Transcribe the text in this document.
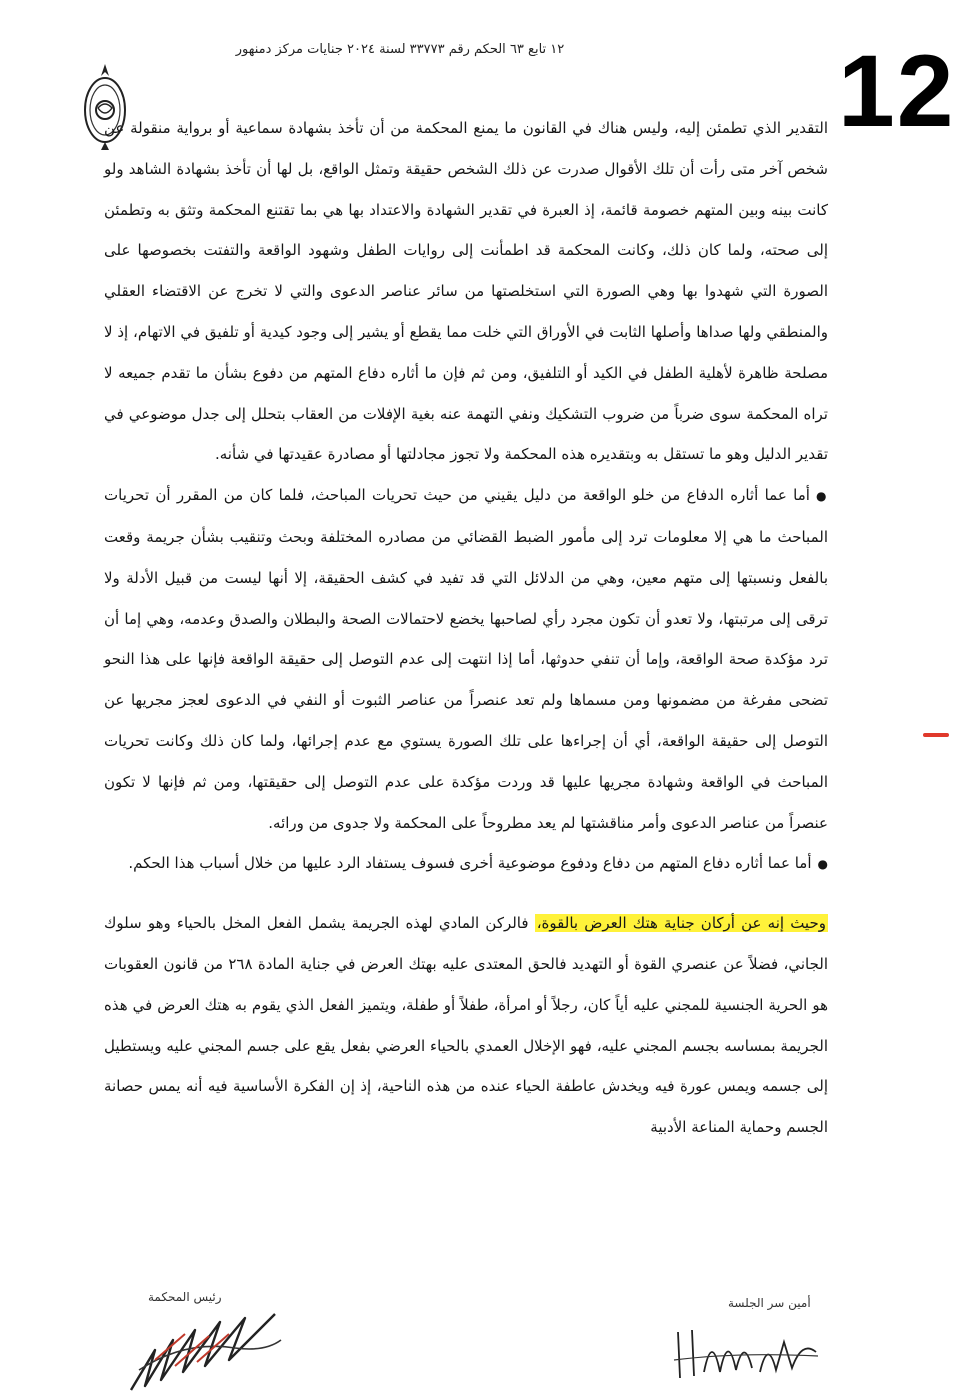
12
١٢ تابع ٦٣ الحكم رقم ٣٣٧٧٣ لسنة ٢٠٢٤ جنايات مركز دمنهور

التقدير الذي تطمئن إليه، وليس هناك في القانون ما يمنع المحكمة من أن تأخذ بشهادة سماعية أو برواية منقولة عن شخص آخر متى رأت أن تلك الأقوال صدرت عن ذلك الشخص حقيقة وتمثل الواقع، بل لها أن تأخذ بشهادة الشاهد ولو كانت بينه وبين المتهم خصومة قائمة، إذ العبرة في تقدير الشهادة والاعتداد بها هي بما تقتنع المحكمة وتثق به وتطمئن إلى صحته، ولما كان ذلك، وكانت المحكمة قد اطمأنت إلى روايات الطفل وشهود الواقعة والتفتت بخصوصها على الصورة التي شهدوا بها وهي الصورة التي استخلصتها من سائر عناصر الدعوى والتي لا تخرج عن الاقتضاء العقلي والمنطقي ولها صداها وأصلها الثابت في الأوراق التي خلت مما يقطع أو يشير إلى وجود كيدية أو تلفيق في الاتهام، إذ لا مصلحة ظاهرة لأهلية الطفل في الكيد أو التلفيق، ومن ثم فإن ما أثاره دفاع المتهم من دفوع بشأن ما تقدم جميعه لا تراه المحكمة سوى ضرباً من ضروب التشكيك ونفي التهمة عنه بغية الإفلات من العقاب بتحلل إلى جدل موضوعي في تقدير الدليل وهو ما تستقل به وبتقديره هذه المحكمة ولا تجوز مجادلتها أو مصادرة عقيدتها في شأنه.

●أما عما أثاره الدفاع من خلو الواقعة من دليل يقيني من حيث تحريات المباحث، فلما كان من المقرر أن تحريات المباحث ما هي إلا معلومات ترد إلى مأمور الضبط القضائي من مصادره المختلفة وبحث وتنقيب بشأن جريمة وقعت بالفعل ونسبتها إلى متهم معين، وهي من الدلائل التي قد تفيد في كشف الحقيقة، إلا أنها ليست من قبيل الأدلة ولا ترقى إلى مرتبتها، ولا تعدو أن تكون مجرد رأي لصاحبها يخضع لاحتمالات الصحة والبطلان والصدق وعدمه، وهي إما أن ترد مؤكدة صحة الواقعة، وإما أن تنفي حدوثها، أما إذا انتهت إلى عدم التوصل إلى حقيقة الواقعة فإنها على هذا النحو تضحى مفرغة من مضمونها ومن مسماها ولم تعد عنصراً من عناصر الثبوت أو النفي في الدعوى لعجز مجريها عن التوصل إلى حقيقة الواقعة، أي أن إجراءها على تلك الصورة يستوي مع عدم إجرائها، ولما كان ذلك وكانت تحريات المباحث في الواقعة وشهادة مجريها عليها قد وردت مؤكدة على عدم التوصل إلى حقيقتها، ومن ثم فإنها لا تكون عنصراً من عناصر الدعوى وأمر مناقشتها لم يعد مطروحاً على المحكمة ولا جدوى من ورائه.

●أما عما أثاره دفاع المتهم من دفاع ودفوع موضوعية أخرى فسوف يستفاد الرد عليها من خلال أسباب هذا الحكم.

وحيث إنه عن أركان جناية هتك العرض بالقوة، فالركن المادي لهذه الجريمة يشمل الفعل المخل بالحياء وهو سلوك الجاني، فضلاً عن عنصري القوة أو التهديد فالحق المعتدى عليه بهتك العرض في جناية المادة ٢٦٨ من قانون العقوبات هو الحرية الجنسية للمجني عليه أياً كان، رجلاً أو امرأة، طفلاً أو طفلة، ويتميز الفعل الذي يقوم به هتك العرض في هذه الجريمة بمساسه بجسم المجني عليه، فهو الإخلال العمدي بالحياء العرضي بفعل يقع على جسم المجني عليه ويستطيل إلى جسمه ويمس عورة فيه ويخدش عاطفة الحياء عنده من هذه الناحية، إذ إن الفكرة الأساسية فيه أنه يمس حصانة الجسم وحماية المناعة الأدبية

رئيس المحكمة	أمين سر الجلسة
